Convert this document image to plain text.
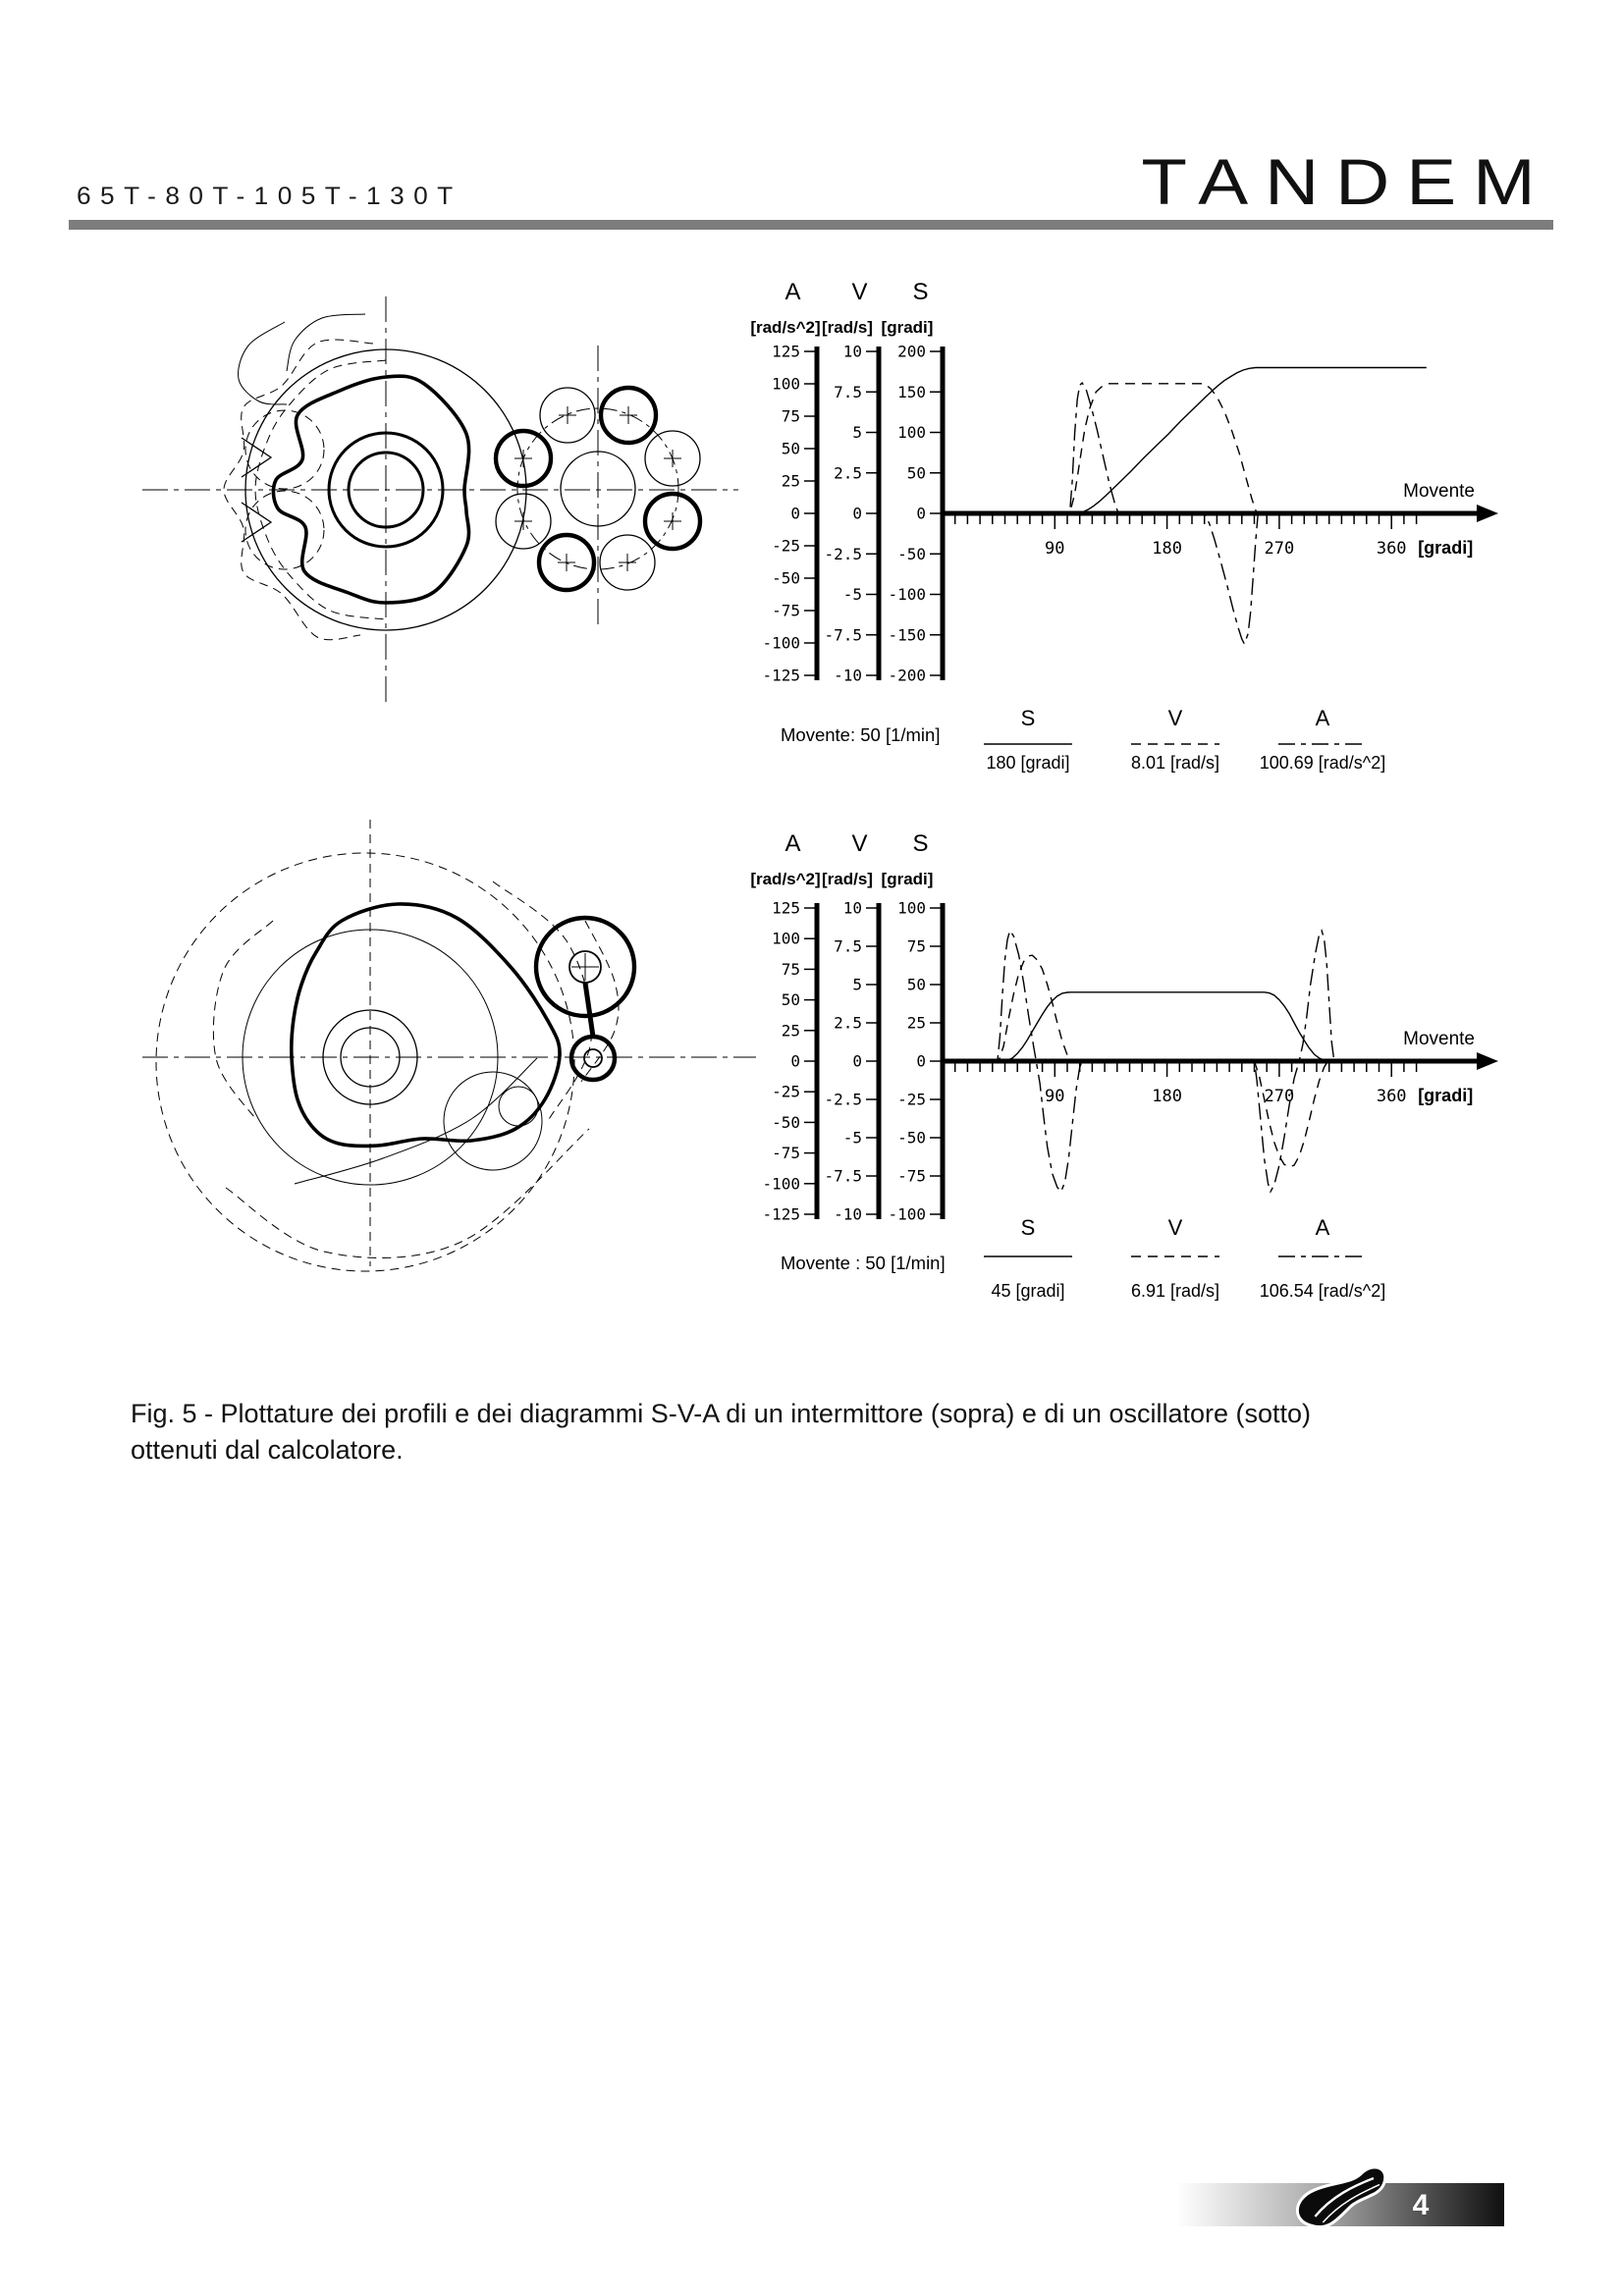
65T-80T-105T-130T	TANDEM
A
[rad/s^2]
125
100
75
50
25
0
-25
-50
-75
-100
-125
V
[rad/s]
10
7.5
5
2.5
0
-2.5
-5
-7.5
-10
S
[gradi]
200
150
100
50
0
-50
-100
-150
-200
Movente
90	180	270	360 [gradi]
Movente: 50 [1/min]
S
180 [gradi]
V
8.01 [rad/s]
A
100.69 [rad/s^2]
A
[rad/s^2]
125
100
75
50
25
0
-25
-50
-75
-100
-125
V
[rad/s]
10
7.5
5
2.5
0
-2.5
-5
-7.5
-10
S
[gradi]
100
75
50
25
0
-25
-50
-75
-100
Movente
90	180	270	360 [gradi]
Movente : 50 [1/min]
S
45 [gradi]
V
6.91 [rad/s]
A
106.54 [rad/s^2]
Fig. 5 - Plottature dei profili e dei diagrammi S-V-A di un intermittore (sopra) e di un oscillatore (sotto)
ottenuti dal calcolatore.
4
